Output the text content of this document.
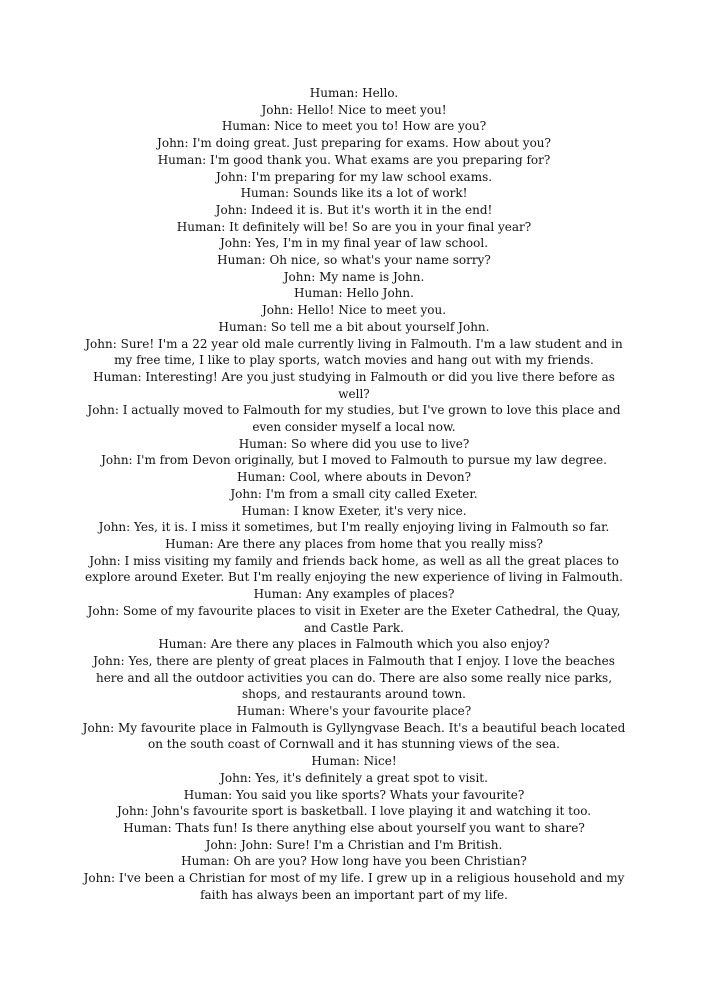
Human: Hello.

John: Hello! Nice to meet you!

Human: Nice to meet you to! How are you?

John: I'm doing great. Just preparing for exams. How about you?

Human: I'm good thank you. What exams are you preparing for?

John: I'm preparing for my law school exams.

Human: Sounds like its a lot of work!

John: Indeed it is. But it's worth it in the end!

Human: It definitely will be! So are you in your final year?

John: Yes, I'm in my final year of law school.

Human: Oh nice, so what's your name sorry?

John: My name is John.

Human: Hello John.

John: Hello! Nice to meet you.

Human: So tell me a bit about yourself John.

John: Sure! I'm a 22 year old male currently living in Falmouth. I'm a law student and in my free time, I like to play sports, watch movies and hang out with my friends.

Human: Interesting! Are you just studying in Falmouth or did you live there before as well?

John: I actually moved to Falmouth for my studies, but I've grown to love this place and even consider myself a local now.

Human: So where did you use to live?

John: I'm from Devon originally, but I moved to Falmouth to pursue my law degree.

Human: Cool, where abouts in Devon?

John: I'm from a small city called Exeter.

Human: I know Exeter, it's very nice.

John: Yes, it is. I miss it sometimes, but I'm really enjoying living in Falmouth so far.

Human: Are there any places from home that you really miss?

John: I miss visiting my family and friends back home, as well as all the great places to explore around Exeter. But I'm really enjoying the new experience of living in Falmouth.

Human: Any examples of places?

John: Some of my favourite places to visit in Exeter are the Exeter Cathedral, the Quay, and Castle Park.

Human: Are there any places in Falmouth which you also enjoy?

John: Yes, there are plenty of great places in Falmouth that I enjoy. I love the beaches here and all the outdoor activities you can do. There are also some really nice parks, shops, and restaurants around town.

Human: Where's your favourite place?

John: My favourite place in Falmouth is Gyllyngvase Beach. It's a beautiful beach located on the south coast of Cornwall and it has stunning views of the sea.

Human: Nice!

John: Yes, it's definitely a great spot to visit.

Human: You said you like sports? Whats your favourite?

John: John's favourite sport is basketball. I love playing it and watching it too.

Human: Thats fun! Is there anything else about yourself you want to share?

John: John: Sure! I'm a Christian and I'm British.

Human: Oh are you? How long have you been Christian?

John: I've been a Christian for most of my life. I grew up in a religious household and my faith has always been an important part of my life.
